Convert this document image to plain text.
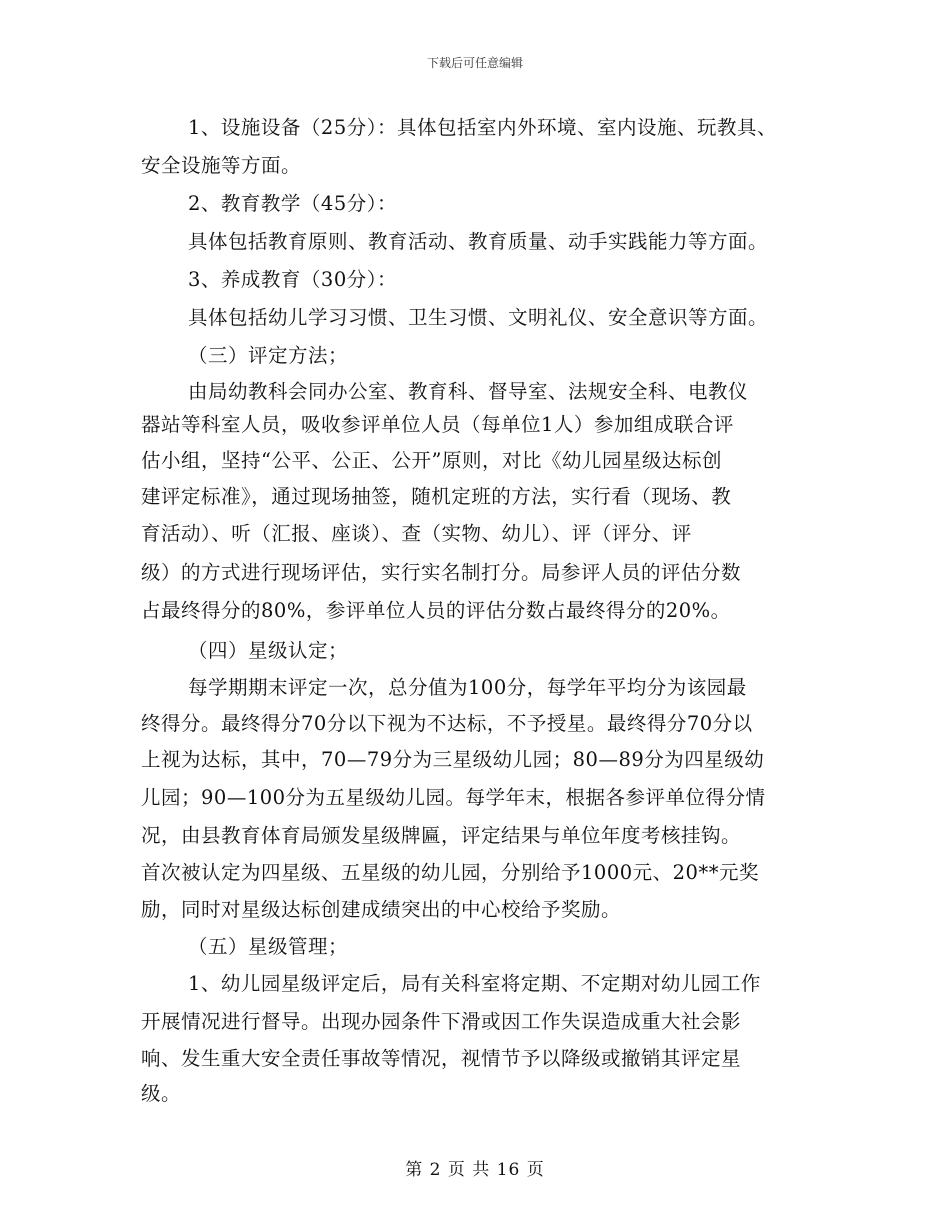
下载后可任意编辑
1、设施设备（25分）：具体包括室内外环境、室内设施、玩教具、
安全设施等方面。
2、教育教学（45分）：
具体包括教育原则、教育活动、教育质量、动手实践能力等方面。
3、养成教育（30分）：
具体包括幼儿学习习惯、卫生习惯、文明礼仪、安全意识等方面。
（三）评定方法；
由局幼教科会同办公室、教育科、督导室、法规安全科、电教仪
器站等科室人员，吸收参评单位人员（每单位1人）参加组成联合评
估小组，坚持“公平、公正、公开”原则，对比《幼儿园星级达标创
建评定标准》，通过现场抽签，随机定班的方法，实行看（现场、教
育活动）、听（汇报、座谈）、查（实物、幼儿）、评（评分、评
级）的方式进行现场评估，实行实名制打分。局参评人员的评估分数
占最终得分的80%，参评单位人员的评估分数占最终得分的20%。
（四）星级认定；
每学期期末评定一次，总分值为100分，每学年平均分为该园最
终得分。最终得分70分以下视为不达标，不予授星。最终得分70分以
上视为达标，其中，70—79分为三星级幼儿园；80—89分为四星级幼
儿园；90—100分为五星级幼儿园。每学年末，根据各参评单位得分情
况，由县教育体育局颁发星级牌匾，评定结果与单位年度考核挂钩。
首次被认定为四星级、五星级的幼儿园，分别给予1000元、20**元奖
励，同时对星级达标创建成绩突出的中心校给予奖励。
（五）星级管理；
1、幼儿园星级评定后，局有关科室将定期、不定期对幼儿园工作
开展情况进行督导。出现办园条件下滑或因工作失误造成重大社会影
响、发生重大安全责任事故等情况，视情节予以降级或撤销其评定星
级。
第 2 页 共 16 页
